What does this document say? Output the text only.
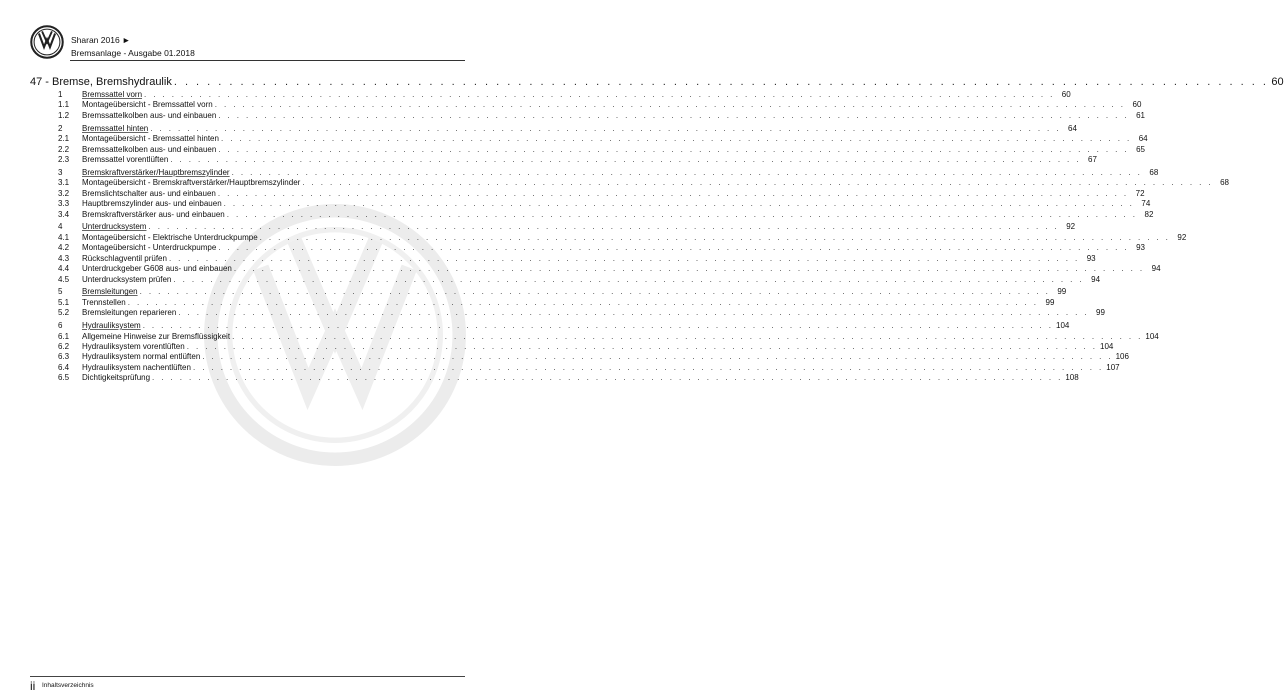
Sharan 2016 ►
Bremsanlage - Ausgabe 01.2018
47 - Bremse, Bremshydraulik . . . . . . . . . . . . . . . . . . . . . . . . . . . . . . . . . . . . . . . . . . . . . . . . . . . . . . . . . . . . . . . . . . . . . . . . . . . . . . . . . . . . . . . . . . . . . . . . . . . 60
1	Bremssattel vorn . . . . . . . . . . . . . . . . . . . . . . . . . . . . . . . . . . . . . . . . . . . . . . . . . . . . . . . . . . . . . . . . . . . . . . . . . . . . . . . . . . . . . . . . . . . . . . . . . . . 60
1.1	Montageübersicht - Bremssattel vorn . . . . . . . . . . . . . . . . . . . . . . . . . . . . . . . . . . . . . . . . . . . . . . . . . . . . . . . . . . . . . . . . . . . . . . . . . . . . . . . . . . . . . . . . . . . . . . . . . . . 60
1.2	Bremssattelkolben aus- und einbauen . . . . . . . . . . . . . . . . . . . . . . . . . . . . . . . . . . . . . . . . . . . . . . . . . . . . . . . . . . . . . . . . . . . . . . . . . . . . . . . . . . . . . . . . . . . . . . . . . . . 61
2	Bremssattel hinten . . . . . . . . . . . . . . . . . . . . . . . . . . . . . . . . . . . . . . . . . . . . . . . . . . . . . . . . . . . . . . . . . . . . . . . . . . . . . . . . . . . . . . . . . . . . . . . . . . . 64
2.1	Montageübersicht - Bremssattel hinten . . . . . . . . . . . . . . . . . . . . . . . . . . . . . . . . . . . . . . . . . . . . . . . . . . . . . . . . . . . . . . . . . . . . . . . . . . . . . . . . . . . . . . . . . . . . . . . . . . . 64
2.2	Bremssattelkolben aus- und einbauen . . . . . . . . . . . . . . . . . . . . . . . . . . . . . . . . . . . . . . . . . . . . . . . . . . . . . . . . . . . . . . . . . . . . . . . . . . . . . . . . . . . . . . . . . . . . . . . . . . . 65
2.3	Bremssattel vorentlüften . . . . . . . . . . . . . . . . . . . . . . . . . . . . . . . . . . . . . . . . . . . . . . . . . . . . . . . . . . . . . . . . . . . . . . . . . . . . . . . . . . . . . . . . . . . . . . . . . . . 67
3	Bremskraftverstärker/Hauptbremszylinder . . . . . . . . . . . . . . . . . . . . . . . . . . . . . . . . . . . . . . . . . . . . . . . . . . . . . . . . . . . . . . . . . . . . . . . . . . . . . . . . . . . . . . . . . . . . . . . . . . . 68
3.1	Montageübersicht - Bremskraftverstärker/Hauptbremszylinder . . . . . . . . . . . . . . . . . . . . . . . . . . . . . . . . . . . . . . . . . . . . . . . . . . . . . . . . . . . . . . . . . . . . . . . . . . . . . . . . . . . . . . . . . . . . . . . . . . . 68
3.2	Bremslichtschalter aus- und einbauen . . . . . . . . . . . . . . . . . . . . . . . . . . . . . . . . . . . . . . . . . . . . . . . . . . . . . . . . . . . . . . . . . . . . . . . . . . . . . . . . . . . . . . . . . . . . . . . . . . . 72
3.3	Hauptbremszylinder aus- und einbauen . . . . . . . . . . . . . . . . . . . . . . . . . . . . . . . . . . . . . . . . . . . . . . . . . . . . . . . . . . . . . . . . . . . . . . . . . . . . . . . . . . . . . . . . . . . . . . . . . . . 74
3.4	Bremskraftverstärker aus- und einbauen . . . . . . . . . . . . . . . . . . . . . . . . . . . . . . . . . . . . . . . . . . . . . . . . . . . . . . . . . . . . . . . . . . . . . . . . . . . . . . . . . . . . . . . . . . . . . . . . . . . 82
4	Unterdrucksystem . . . . . . . . . . . . . . . . . . . . . . . . . . . . . . . . . . . . . . . . . . . . . . . . . . . . . . . . . . . . . . . . . . . . . . . . . . . . . . . . . . . . . . . . . . . . . . . . . . . 92
4.1	Montageübersicht - Elektrische Unterdruckpumpe . . . . . . . . . . . . . . . . . . . . . . . . . . . . . . . . . . . . . . . . . . . . . . . . . . . . . . . . . . . . . . . . . . . . . . . . . . . . . . . . . . . . . . . . . . . . . . . . . . . 92
4.2	Montageübersicht - Unterdruckpumpe . . . . . . . . . . . . . . . . . . . . . . . . . . . . . . . . . . . . . . . . . . . . . . . . . . . . . . . . . . . . . . . . . . . . . . . . . . . . . . . . . . . . . . . . . . . . . . . . . . . 93
4.3	Rückschlagventil prüfen . . . . . . . . . . . . . . . . . . . . . . . . . . . . . . . . . . . . . . . . . . . . . . . . . . . . . . . . . . . . . . . . . . . . . . . . . . . . . . . . . . . . . . . . . . . . . . . . . . . 93
4.4	Unterdruckgeber G608 aus- und einbauen . . . . . . . . . . . . . . . . . . . . . . . . . . . . . . . . . . . . . . . . . . . . . . . . . . . . . . . . . . . . . . . . . . . . . . . . . . . . . . . . . . . . . . . . . . . . . . . . . . . 94
4.5	Unterdrucksystem prüfen . . . . . . . . . . . . . . . . . . . . . . . . . . . . . . . . . . . . . . . . . . . . . . . . . . . . . . . . . . . . . . . . . . . . . . . . . . . . . . . . . . . . . . . . . . . . . . . . . . . 94
5	Bremsleitungen . . . . . . . . . . . . . . . . . . . . . . . . . . . . . . . . . . . . . . . . . . . . . . . . . . . . . . . . . . . . . . . . . . . . . . . . . . . . . . . . . . . . . . . . . . . . . . . . . . . 99
5.1	Trennstellen . . . . . . . . . . . . . . . . . . . . . . . . . . . . . . . . . . . . . . . . . . . . . . . . . . . . . . . . . . . . . . . . . . . . . . . . . . . . . . . . . . . . . . . . . . . . . . . . . . . 99
5.2	Bremsleitungen reparieren . . . . . . . . . . . . . . . . . . . . . . . . . . . . . . . . . . . . . . . . . . . . . . . . . . . . . . . . . . . . . . . . . . . . . . . . . . . . . . . . . . . . . . . . . . . . . . . . . . . 99
6	Hydrauliksystem . . . . . . . . . . . . . . . . . . . . . . . . . . . . . . . . . . . . . . . . . . . . . . . . . . . . . . . . . . . . . . . . . . . . . . . . . . . . . . . . . . . . . . . . . . . . . . . . . . . 104
6.1	Allgemeine Hinweise zur Bremsflüssigkeit . . . . . . . . . . . . . . . . . . . . . . . . . . . . . . . . . . . . . . . . . . . . . . . . . . . . . . . . . . . . . . . . . . . . . . . . . . . . . . . . . . . . . . . . . . . . . . . . . . . 104
6.2	Hydrauliksystem vorentlüften . . . . . . . . . . . . . . . . . . . . . . . . . . . . . . . . . . . . . . . . . . . . . . . . . . . . . . . . . . . . . . . . . . . . . . . . . . . . . . . . . . . . . . . . . . . . . . . . . . . 104
6.3	Hydrauliksystem normal entlüften . . . . . . . . . . . . . . . . . . . . . . . . . . . . . . . . . . . . . . . . . . . . . . . . . . . . . . . . . . . . . . . . . . . . . . . . . . . . . . . . . . . . . . . . . . . . . . . . . . . 106
6.4	Hydrauliksystem nachentlüften . . . . . . . . . . . . . . . . . . . . . . . . . . . . . . . . . . . . . . . . . . . . . . . . . . . . . . . . . . . . . . . . . . . . . . . . . . . . . . . . . . . . . . . . . . . . . . . . . . . 107
6.5	Dichtigkeitsprüfung . . . . . . . . . . . . . . . . . . . . . . . . . . . . . . . . . . . . . . . . . . . . . . . . . . . . . . . . . . . . . . . . . . . . . . . . . . . . . . . . . . . . . . . . . . . . . . . . . . . 108
ii Inhaltsverzeichnis
